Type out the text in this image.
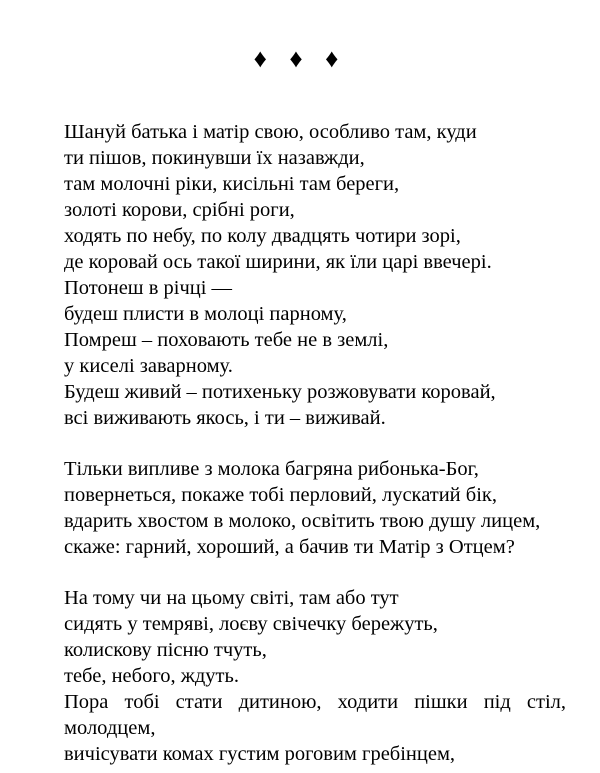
♦ ♦ ♦
Шануй батька і матір свою, особливо там, куди
ти пішов, покинувши їх назавжди,
там молочні ріки, кисільні там береги,
золоті корови, срібні роги,
ходять по небу, по колу двадцять чотири зорі,
де коровай ось такої ширини, як їли царі ввечері.
Потонеш в річці —
будеш плисти в молоці парному,
Помреш – поховають тебе не в землі,
у киселі заварному.
Будеш живий – потихеньку розжовувати коровай,
всі виживають якось, і ти – виживай.
Тільки випливе з молока багряна рибонька-Бог,
повернеться, покаже тобі перловий, лускатий бік,
вдарить хвостом в молоко, освітить твою душу лицем,
скаже: гарний, хороший, а бачив ти Матір з Отцем?
На тому чи на цьому світі, там або тут
сидять у темряві, лоєву свічечку бережуть,
колискову пісню тчуть,
тебе, небого, ждуть.
Пора тобі стати дитиною, ходити пішки під стіл,
молодцем,
вичісувати комах густим роговим гребінцем,
